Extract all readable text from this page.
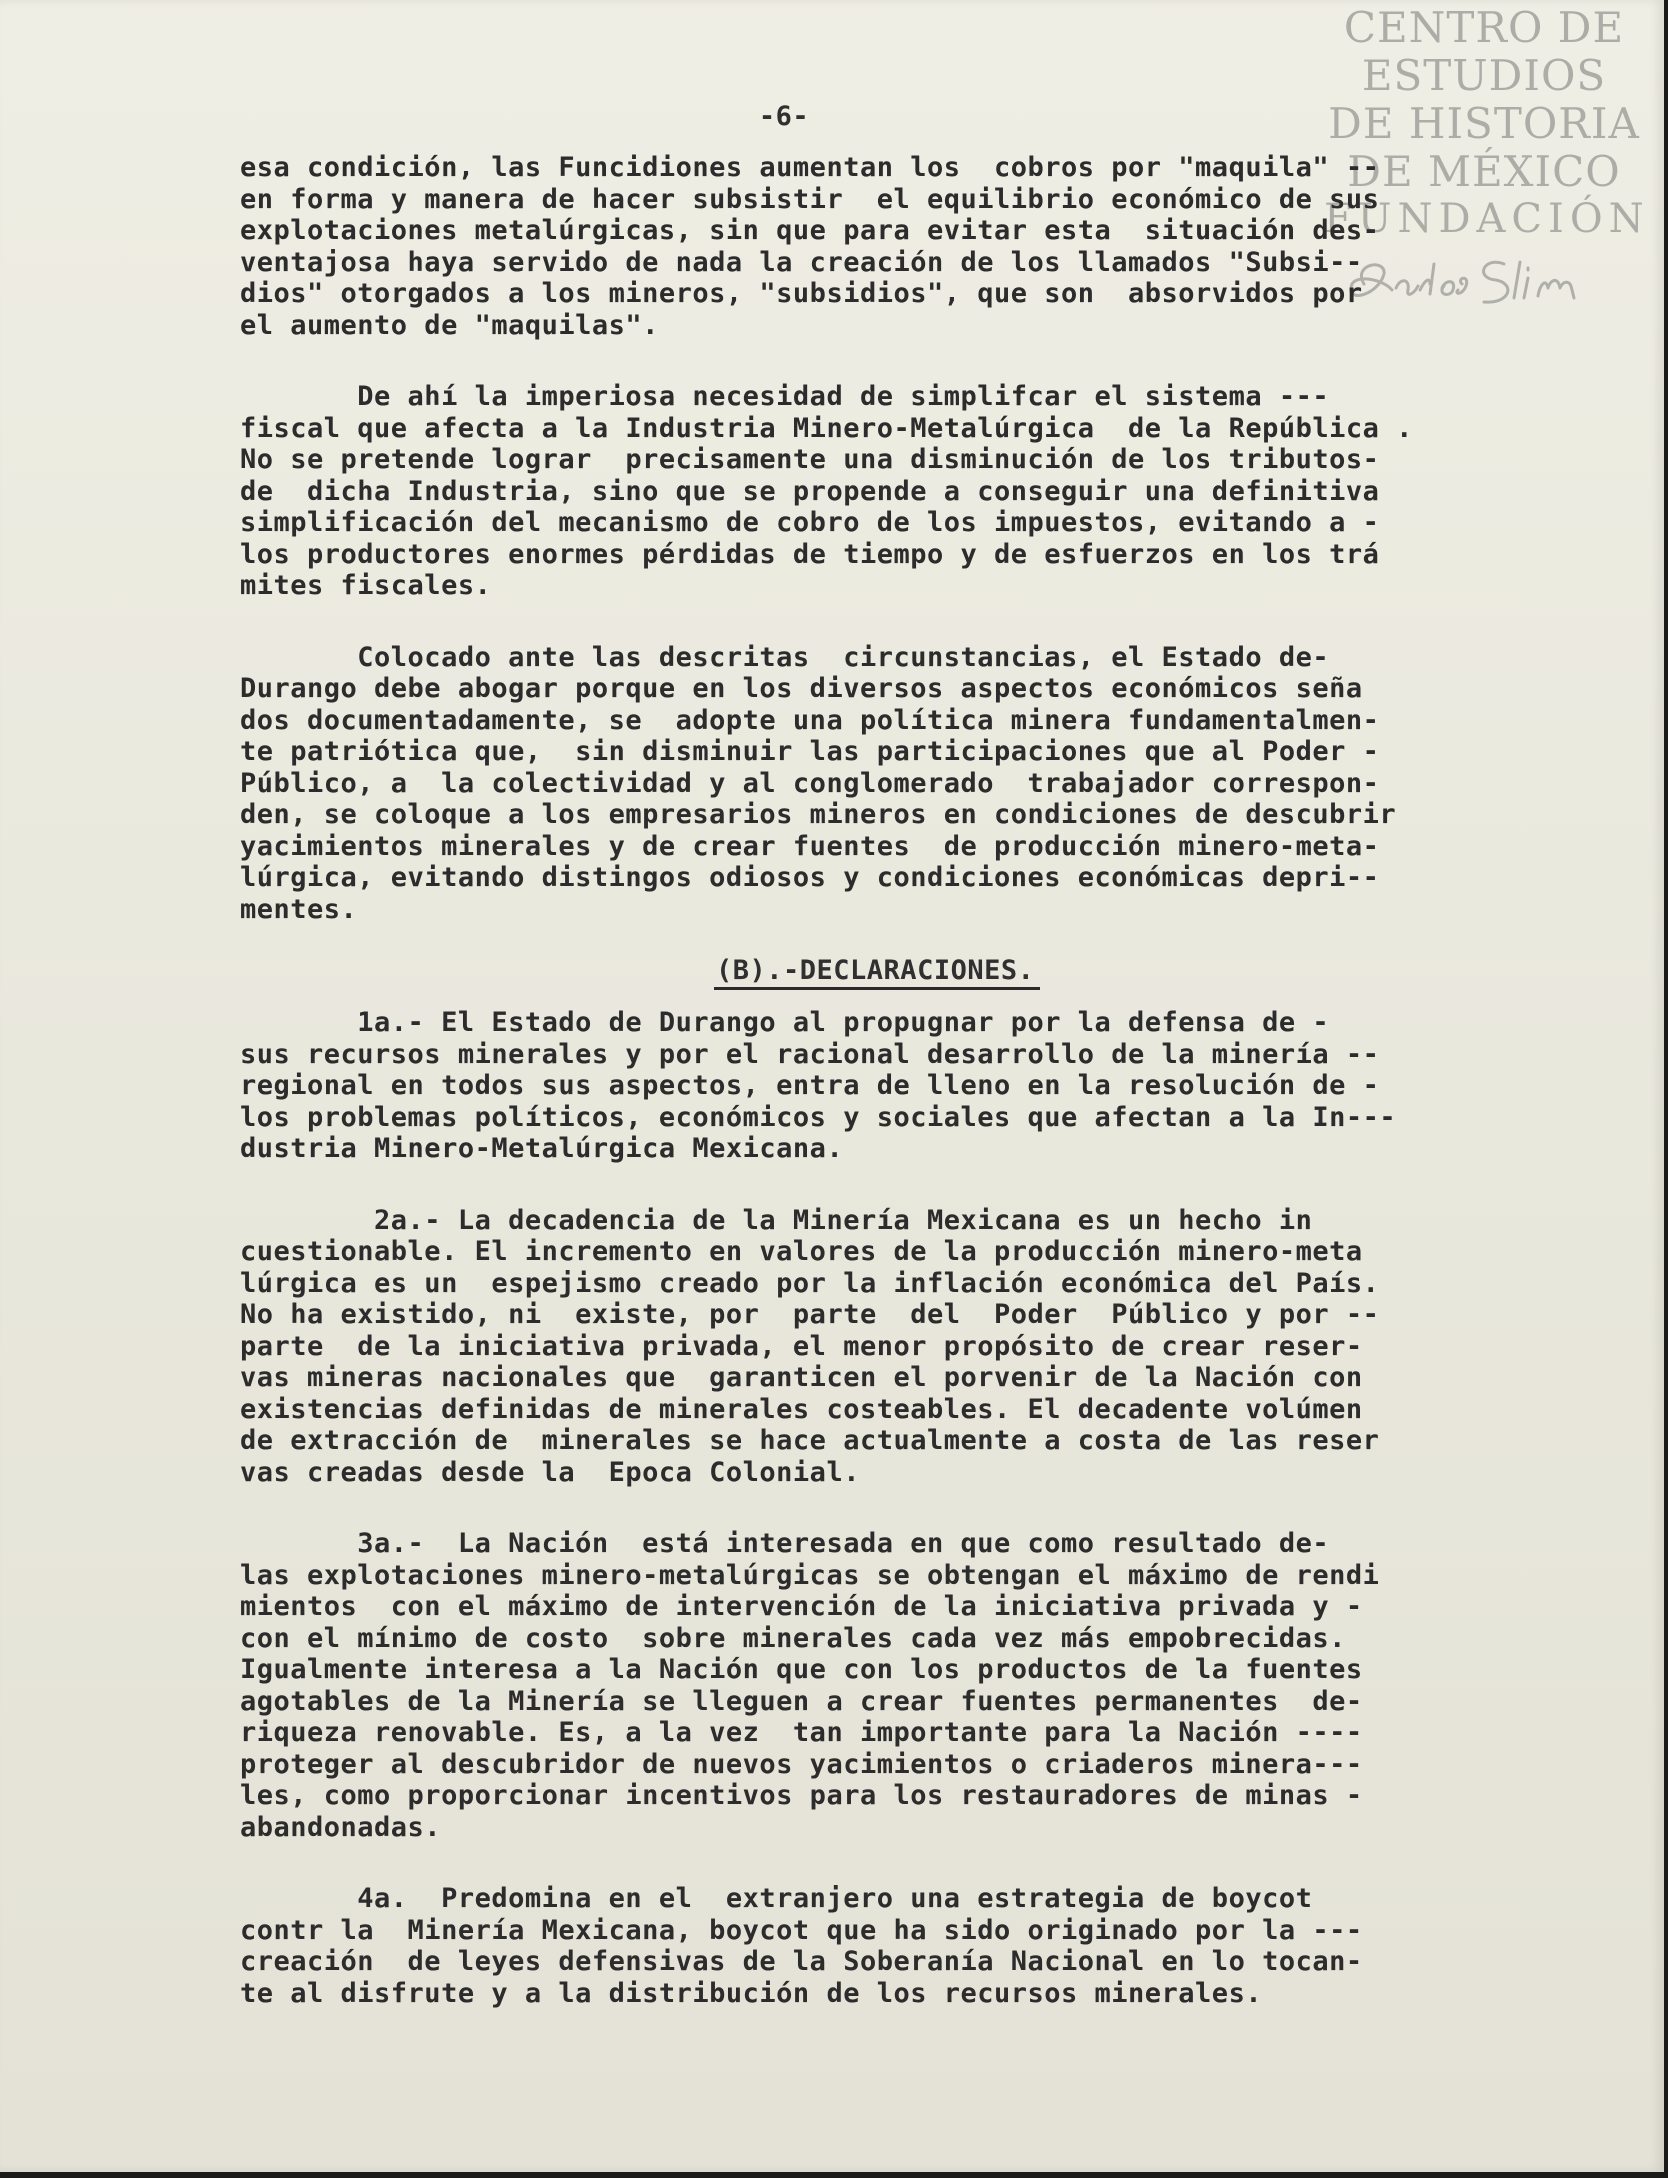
CENTRO DE
ESTUDIOS
DE HISTORIA
DE MÉXICO
FUNDACIÓN
-6-
esa condición, las Funcidiones aumentan los  cobros por "maquila" --
en forma y manera de hacer subsistir  el equilibrio económico de sus
explotaciones metalúrgicas, sin que para evitar esta  situación des-
ventajosa haya servido de nada la creación de los llamados "Subsi--
dios" otorgados a los mineros, "subsidios", que son  absorvidos por
el aumento de "maquilas".
De ahí la imperiosa necesidad de simplifcar el sistema ---
fiscal que afecta a la Industria Minero-Metalúrgica  de la República .
No se pretende lograr  precisamente una disminución de los tributos-
de  dicha Industria, sino que se propende a conseguir una definitiva
simplificación del mecanismo de cobro de los impuestos, evitando a -
los productores enormes pérdidas de tiempo y de esfuerzos en los trá
mites fiscales.
Colocado ante las descritas  circunstancias, el Estado de-
Durango debe abogar porque en los diversos aspectos económicos seña
dos documentadamente, se  adopte una política minera fundamentalmen-
te patriótica que,  sin disminuir las participaciones que al Poder -
Público, a  la colectividad y al conglomerado  trabajador correspon-
den, se coloque a los empresarios mineros en condiciones de descubrir
yacimientos minerales y de crear fuentes  de producción minero-meta-
lúrgica, evitando distingos odiosos y condiciones económicas depri--
mentes.
(B).-DECLARACIONES.
1a.- El Estado de Durango al propugnar por la defensa de -
sus recursos minerales y por el racional desarrollo de la minería --
regional en todos sus aspectos, entra de lleno en la resolución de -
los problemas políticos, económicos y sociales que afectan a la In---
dustria Minero-Metalúrgica Mexicana.
2a.- La decadencia de la Minería Mexicana es un hecho in
cuestionable. El incremento en valores de la producción minero-meta
lúrgica es un  espejismo creado por la inflación económica del País.
No ha existido, ni  existe, por  parte  del  Poder  Público y por --
parte  de la iniciativa privada, el menor propósito de crear reser-
vas mineras nacionales que  garanticen el porvenir de la Nación con
existencias definidas de minerales costeables. El decadente volúmen
de extracción de  minerales se hace actualmente a costa de las reser
vas creadas desde la  Epoca Colonial.
3a.-  La Nación  está interesada en que como resultado de-
las explotaciones minero-metalúrgicas se obtengan el máximo de rendi
mientos  con el máximo de intervención de la iniciativa privada y -
con el mínimo de costo  sobre minerales cada vez más empobrecidas.
Igualmente interesa a la Nación que con los productos de la fuentes
agotables de la Minería se lleguen a crear fuentes permanentes  de-
riqueza renovable. Es, a la vez  tan importante para la Nación ----
proteger al descubridor de nuevos yacimientos o criaderos minera---
les, como proporcionar incentivos para los restauradores de minas -
abandonadas.
4a.  Predomina en el  extranjero una estrategia de boycot
contr la  Minería Mexicana, boycot que ha sido originado por la ---
creación  de leyes defensivas de la Soberanía Nacional en lo tocan-
te al disfrute y a la distribución de los recursos minerales.
